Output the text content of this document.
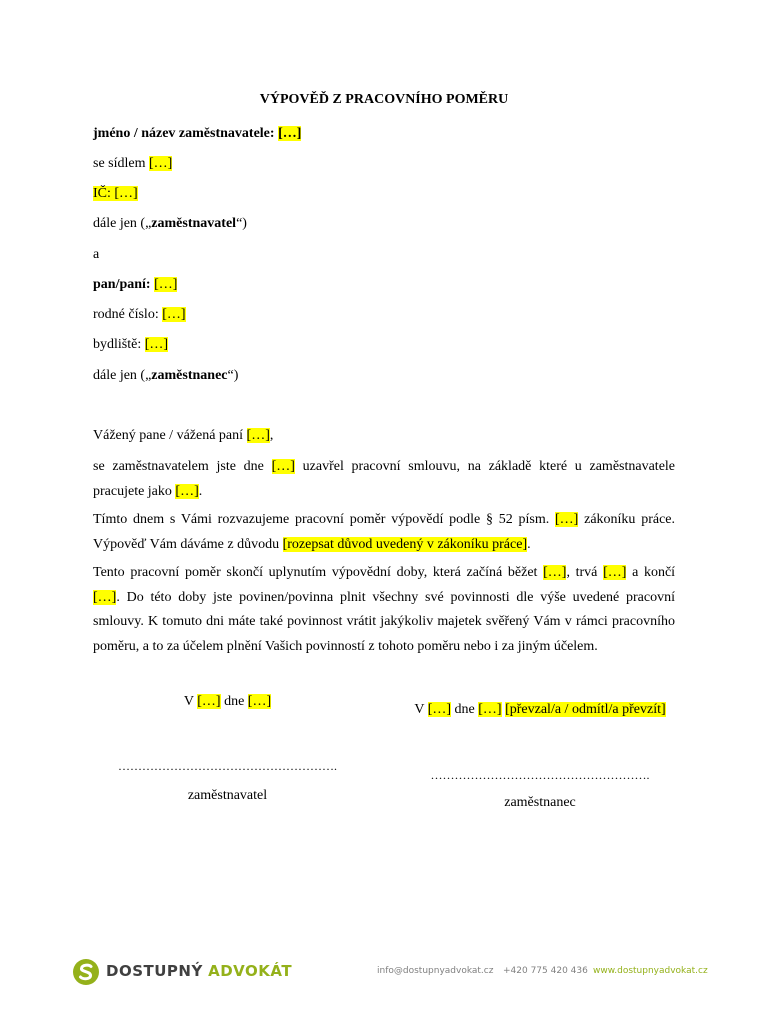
VÝPOVĚĎ Z PRACOVNÍHO POMĚRU
jméno / název zaměstnavatele: […]
se sídlem […]
IČ: […]
dále jen („zaměstnavatel“)
a
pan/paní: […]
rodné číslo: […]
bydliště: […]
dále jen („zaměstnanec“)
Vážený pane / vážená paní […],
se zaměstnavatelem jste dne […] uzavřel pracovní smlouvu, na základě které u zaměstnavatele pracujete jako […].
Tímto dnem s Vámi rozvazujeme pracovní poměr výpovědí podle § 52 písm. […] zákoníku práce. Výpověď Vám dáváme z důvodu [rozepsat důvod uvedený v zákoníku práce].
Tento pracovní poměr skončí uplynutím výpovědní doby, která začíná běžet […], trvá […] a končí […]. Do této doby jste povinen/povinna plnit všechny své povinnosti dle výše uvedené pracovní smlouvy. K tomuto dni máte také povinnost vrátit jakýkoliv majetek svěřený Vám v rámci pracovního poměru, a to za účelem plnění Vašich povinností z tohoto poměru nebo i za jiným účelem.
V […] dne […]
V […] dne […] [převzal/a / odmítl/a převzít]
……………………………………………….
……………………………………………….
zaměstnavatel	zaměstnanec
DOSTUPNÝ ADVOKÁT	info@dostupnyadvokat.cz +420 775 420 436 www.dostupnyadvokat.cz
